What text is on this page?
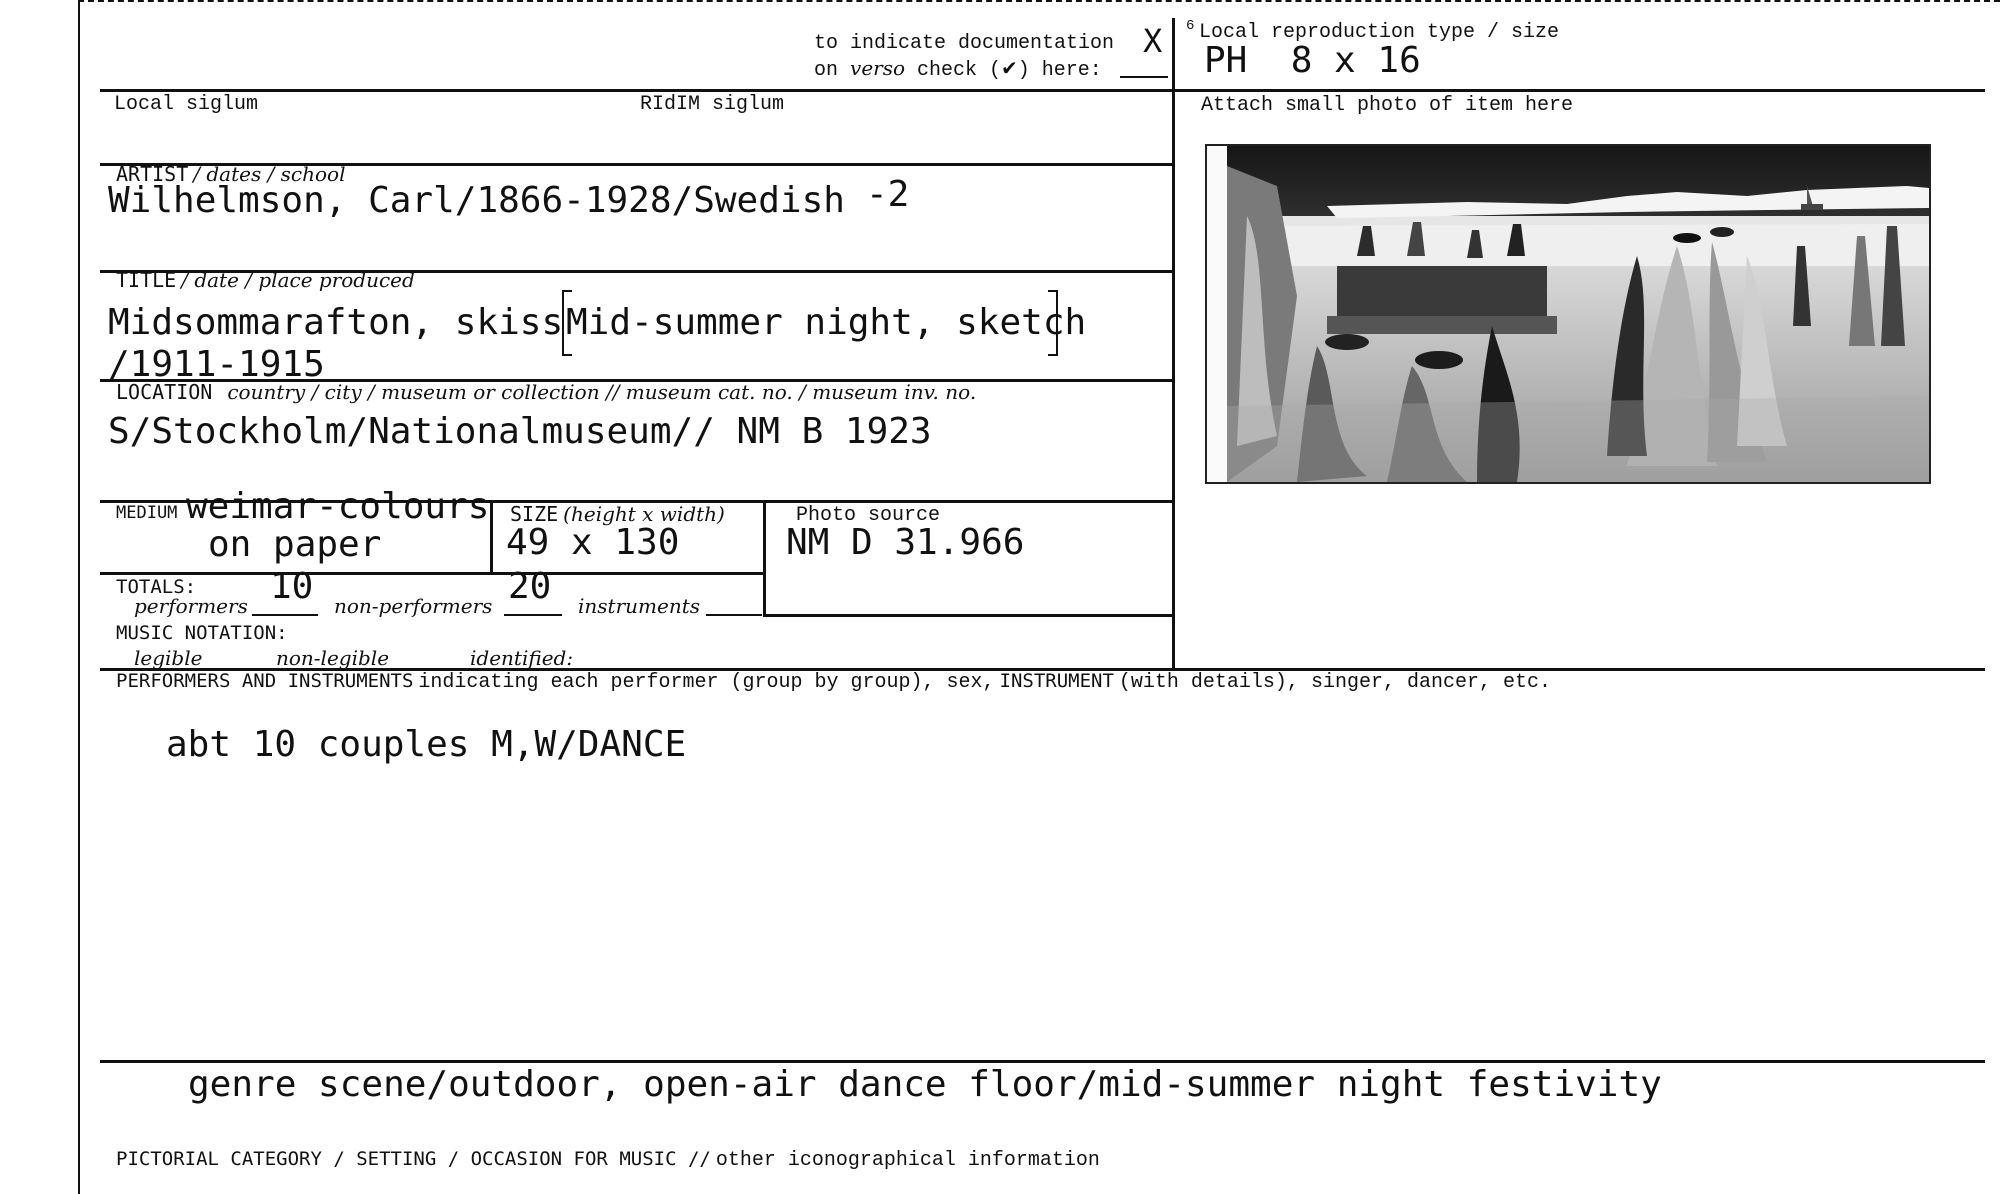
to indicate documentation
on verso check (✔) here:
X 6 Local reproduction type / size
PH  8 x 16
Local siglum	RIdIM siglum	Attach small photo of item here
ARTIST / dates / school
Wilhelmson, Carl/1866-1928/Swedish -2
TITLE / date / place produced
Midsommarafton, skiss Mid-summer night, sketch
/1911-1915
LOCATION country / city / museum or collection // museum cat. no. / museum inv. no.
S/Stockholm/Nationalmuseum// NM B 1923
MEDIUM weimar-colours
on paper
SIZE (height x width)
49 x 130
Photo source
NM D 31.966
TOTALS: 10	20
performers	non-performers	instruments
MUSIC NOTATION:
legible	non-legible	identified:
PERFORMERS AND INSTRUMENTS indicating each performer (group by group), sex, INSTRUMENT (with details), singer, dancer, etc.
abt 10 couples M,W/DANCE
genre scene/outdoor, open-air dance floor/mid-summer night festivity
PICTORIAL CATEGORY / SETTING / OCCASION FOR MUSIC // other iconographical information
